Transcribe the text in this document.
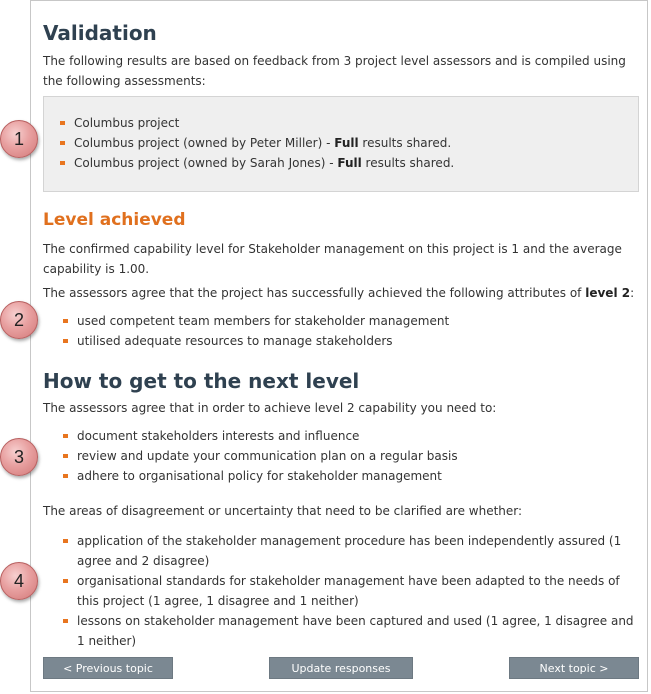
Validation

The following results are based on feedback from 3 project level assessors and is compiled using the following assessments:

Columbus project
Columbus project (owned by Peter Miller) - Full results shared.
Columbus project (owned by Sarah Jones) - Full results shared.
Level achieved

The confirmed capability level for Stakeholder management on this project is 1 and the average capability is 1.00.

The assessors agree that the project has successfully achieved the following attributes of level 2:

used competent team members for stakeholder management
utilised adequate resources to manage stakeholders
How to get to the next level

The assessors agree that in order to achieve level 2 capability you need to:

document stakeholders interests and influence
review and update your communication plan on a regular basis
adhere to organisational policy for stakeholder management

The areas of disagreement or uncertainty that need to be clarified are whether:

application of the stakeholder management procedure has been independently assured (1 agree and 2 disagree)
organisational standards for stakeholder management have been adapted to the needs of this project (1 agree, 1 disagree and 1 neither)
lessons on stakeholder management have been captured and used (1 agree, 1 disagree and 1 neither)
< Previous topic	Update responses	Next topic >
1
2
3
4
